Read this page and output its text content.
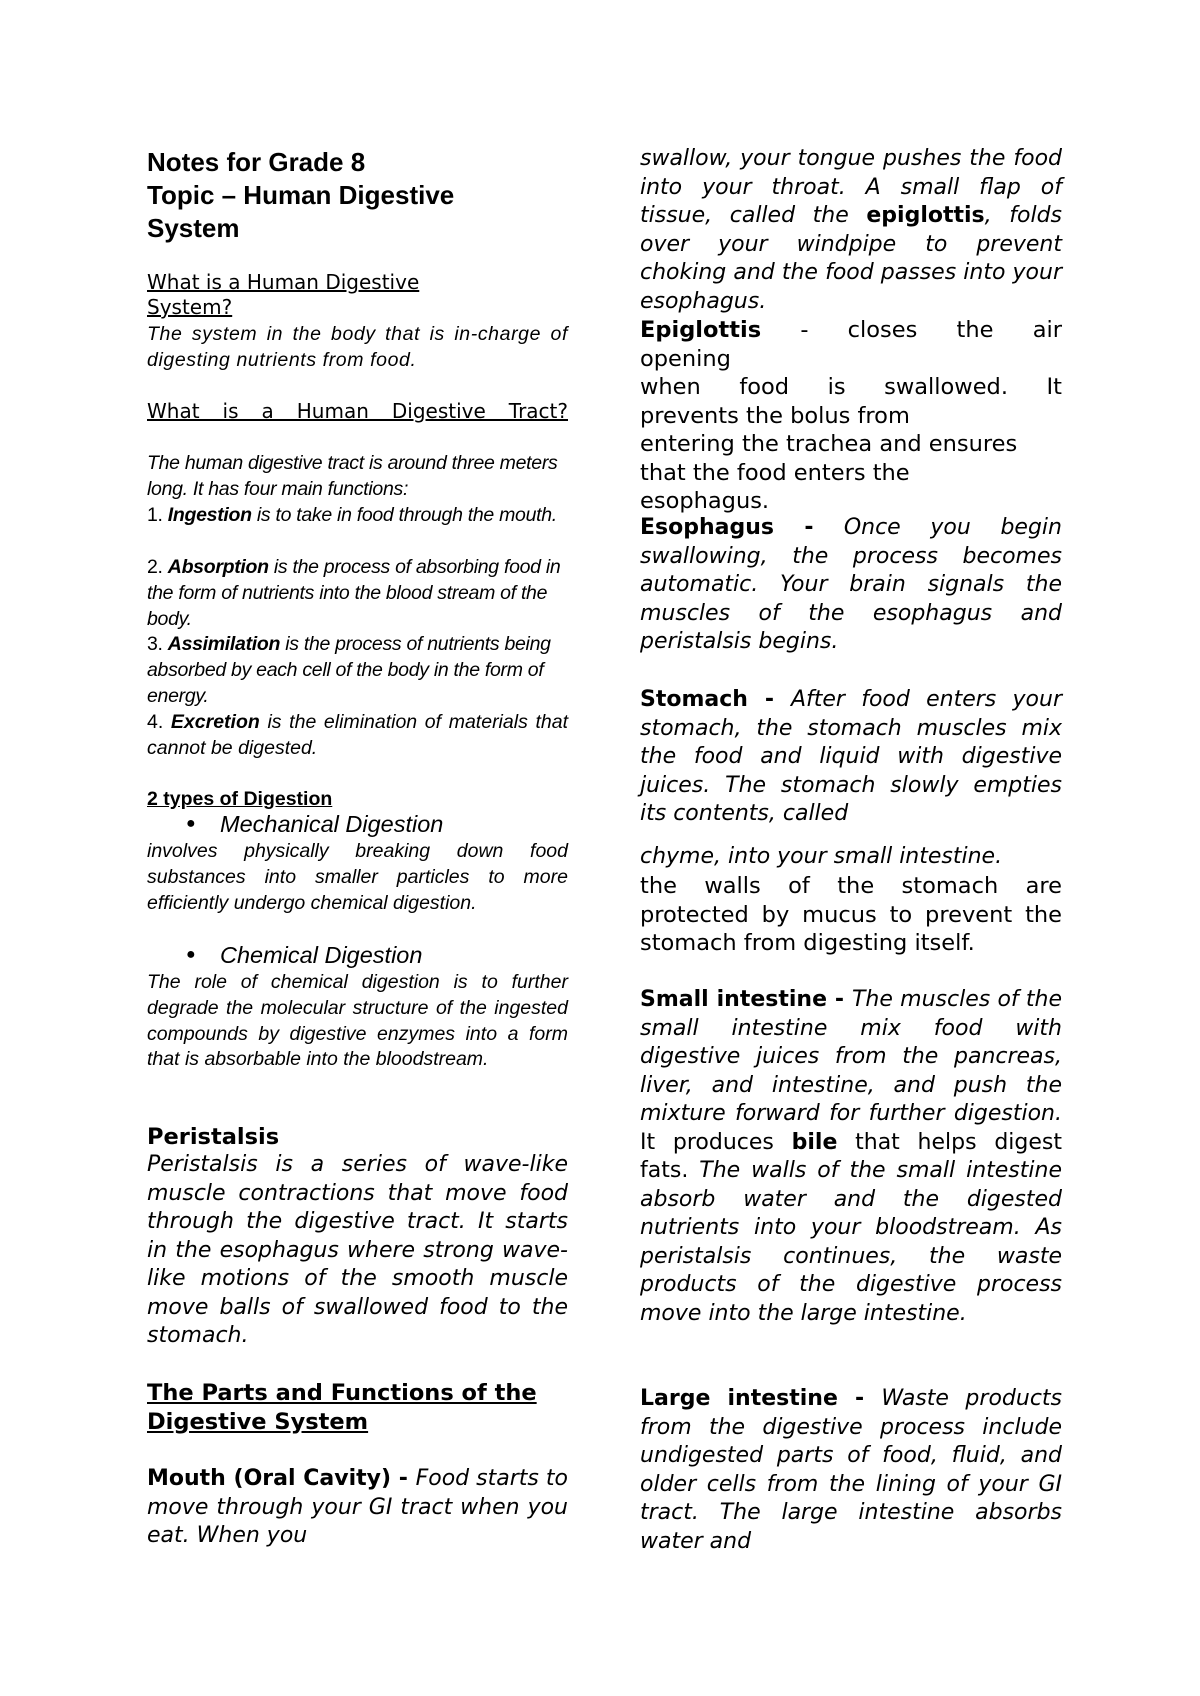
Notes for Grade 8
Topic – Human Digestive
System
What is a Human Digestive
System?

The system in the body that is in-charge of digesting nutrients from food.

What is a Human Digestive Tract?

The human digestive tract is around three meters long. It has four main functions:

1. Ingestion is to take in food through the mouth.

2. Absorption is the process of absorbing food in the form of nutrients into the blood stream of the body.

3. Assimilation is the process of nutrients being absorbed by each cell of the body in the form of energy.

4. Excretion is the elimination of materials that cannot be digested.

2 types of Digestion
● Mechanical Digestion

involves physically breaking down food substances into smaller particles to more efficiently undergo chemical digestion.

● Chemical Digestion

The role of chemical digestion is to further degrade the molecular structure of the ingested compounds by digestive enzymes into a form that is absorbable into the bloodstream.

Peristalsis

Peristalsis is a series of wave-like muscle contractions that move food through the digestive tract. It starts in the esophagus where strong wave-like motions of the smooth muscle move balls of swallowed food to the stomach.

The Parts and Functions of the
Digestive System

Mouth (Oral Cavity) - Food starts to move through your GI tract when you eat. When you

swallow, your tongue pushes the food into your throat. A small flap of tissue, called the epiglottis, folds over your windpipe to prevent choking and the food passes into your esophagus.

Epiglottis - closes the air
opening
when food is swallowed. It
prevents the bolus from
entering the trachea and ensures
that the food enters the
esophagus.

Esophagus - Once you begin swallowing, the process becomes automatic. Your brain signals the muscles of the esophagus and peristalsis begins.

Stomach - After food enters your stomach, the stomach muscles mix the food and liquid with digestive juices. The stomach slowly empties its contents, called

chyme, into your small intestine.

the walls of the stomach are protected by mucus to prevent the stomach from digesting itself.

Small intestine - The muscles of the small intestine mix food with digestive juices from the pancreas, liver, and intestine, and push the mixture forward for further digestion. It produces bile that helps digest fats. The walls of the small intestine absorb water and the digested nutrients into your bloodstream. As peristalsis continues, the waste products of the digestive process move into the large intestine.

Large intestine - Waste products from the digestive process include undigested parts of food, fluid, and older cells from the lining of your GI tract. The large intestine absorbs water and
